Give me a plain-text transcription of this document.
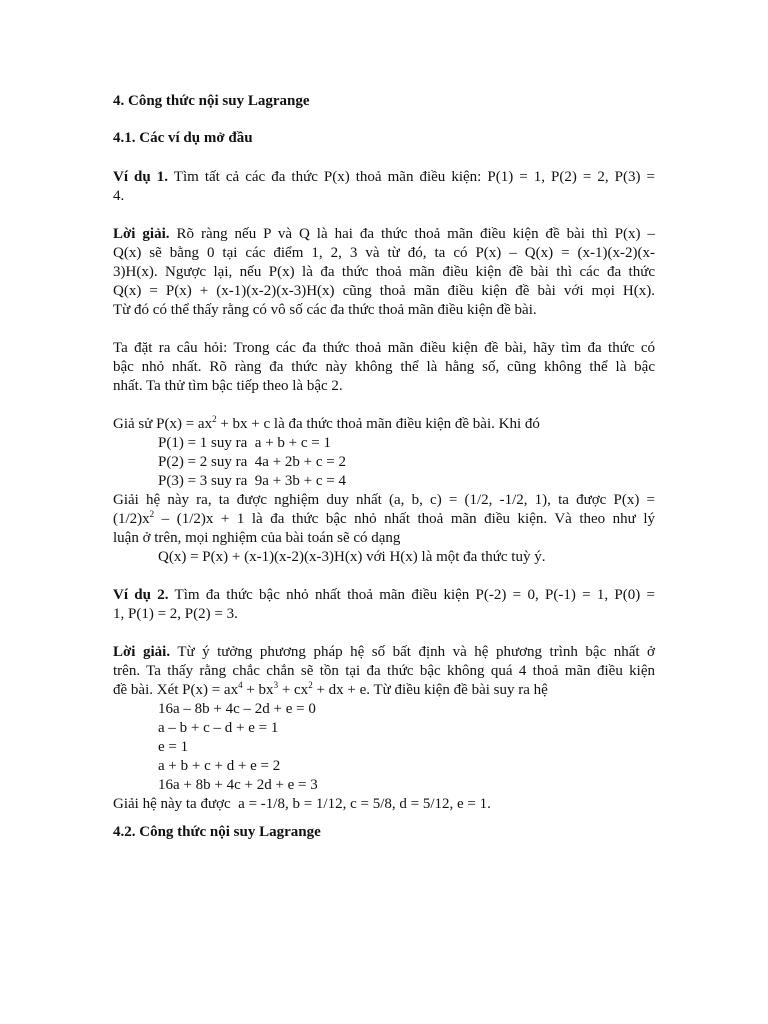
4. Công thức nội suy Lagrange
4.1. Các ví dụ mở đầu
Ví dụ 1. Tìm tất cả các đa thức P(x) thoả mãn điều kiện: P(1) = 1, P(2) = 2, P(3) =
4.
Lời giải. Rõ ràng nếu P và Q là hai đa thức thoả mãn điều kiện đề bài thì P(x) –
Q(x) sẽ bằng 0 tại các điểm 1, 2, 3 và từ đó, ta có P(x) – Q(x) = (x-1)(x-2)(x-
3)H(x). Ngược lại, nếu P(x) là đa thức thoả mãn điều kiện đề bài thì các đa thức
Q(x) = P(x) + (x-1)(x-2)(x-3)H(x) cũng thoả mãn điều kiện đề bài với mọi H(x).
Từ đó có thể thấy rằng có vô số các đa thức thoả mãn điều kiện đề bài.
Ta đặt ra câu hỏi: Trong các đa thức thoả mãn điều kiện đề bài, hãy tìm đa thức có
bậc nhỏ nhất. Rõ ràng đa thức này không thể là hằng số, cũng không thể là bậc
nhất. Ta thử tìm bậc tiếp theo là bậc 2.
Giả sử $P(x) = ax^2$ + bx + c là đa thức thoả mãn điều kiện đề bài. Khi đó
P(1) = 1 suy ra  a + b + c = 1
P(2) = 2 suy ra  4a + 2b + c = 2
P(3) = 3 suy ra  9a + 3b + c = 4
Giải hệ này ra, ta được nghiệm duy nhất (a, b, c) = (1/2, -1/2, 1), ta được P(x) =
$(1/2)x^2 - (1/2)x + 1$ là đa thức bậc nhỏ nhất thoả mãn điều kiện. Và theo như lý
luận ở trên, mọi nghiệm của bài toán sẽ có dạng
Q(x) = P(x) + (x-1)(x-2)(x-3)H(x) với H(x) là một đa thức tuỳ ý.
Ví dụ 2. Tìm đa thức bậc nhỏ nhất thoả mãn điều kiện P(-2) = 0, P(-1) = 1, P(0) =
1, P(1) = 2, P(2) = 3.
Lời giải. Từ ý tưởng phương pháp hệ số bất định và hệ phương trình bậc nhất ở
trên. Ta thấy rằng chắc chắn sẽ tồn tại đa thức bậc không quá 4 thoả mãn điều kiện
đề bài. Xét $P(x) = ax^4 + bx^3 + cx^2$ + dx + e. Từ điều kiện đề bài suy ra hệ
16a – 8b + 4c – 2d + e = 0
a – b + c – d + e = 1
e = 1
a + b + c + d + e = 2
16a + 8b + 4c + 2d + e = 3
Giải hệ này ta được  a = -1/8, b = 1/12, c = 5/8, d = 5/12, e = 1.
4.2. Công thức nội suy Lagrange
